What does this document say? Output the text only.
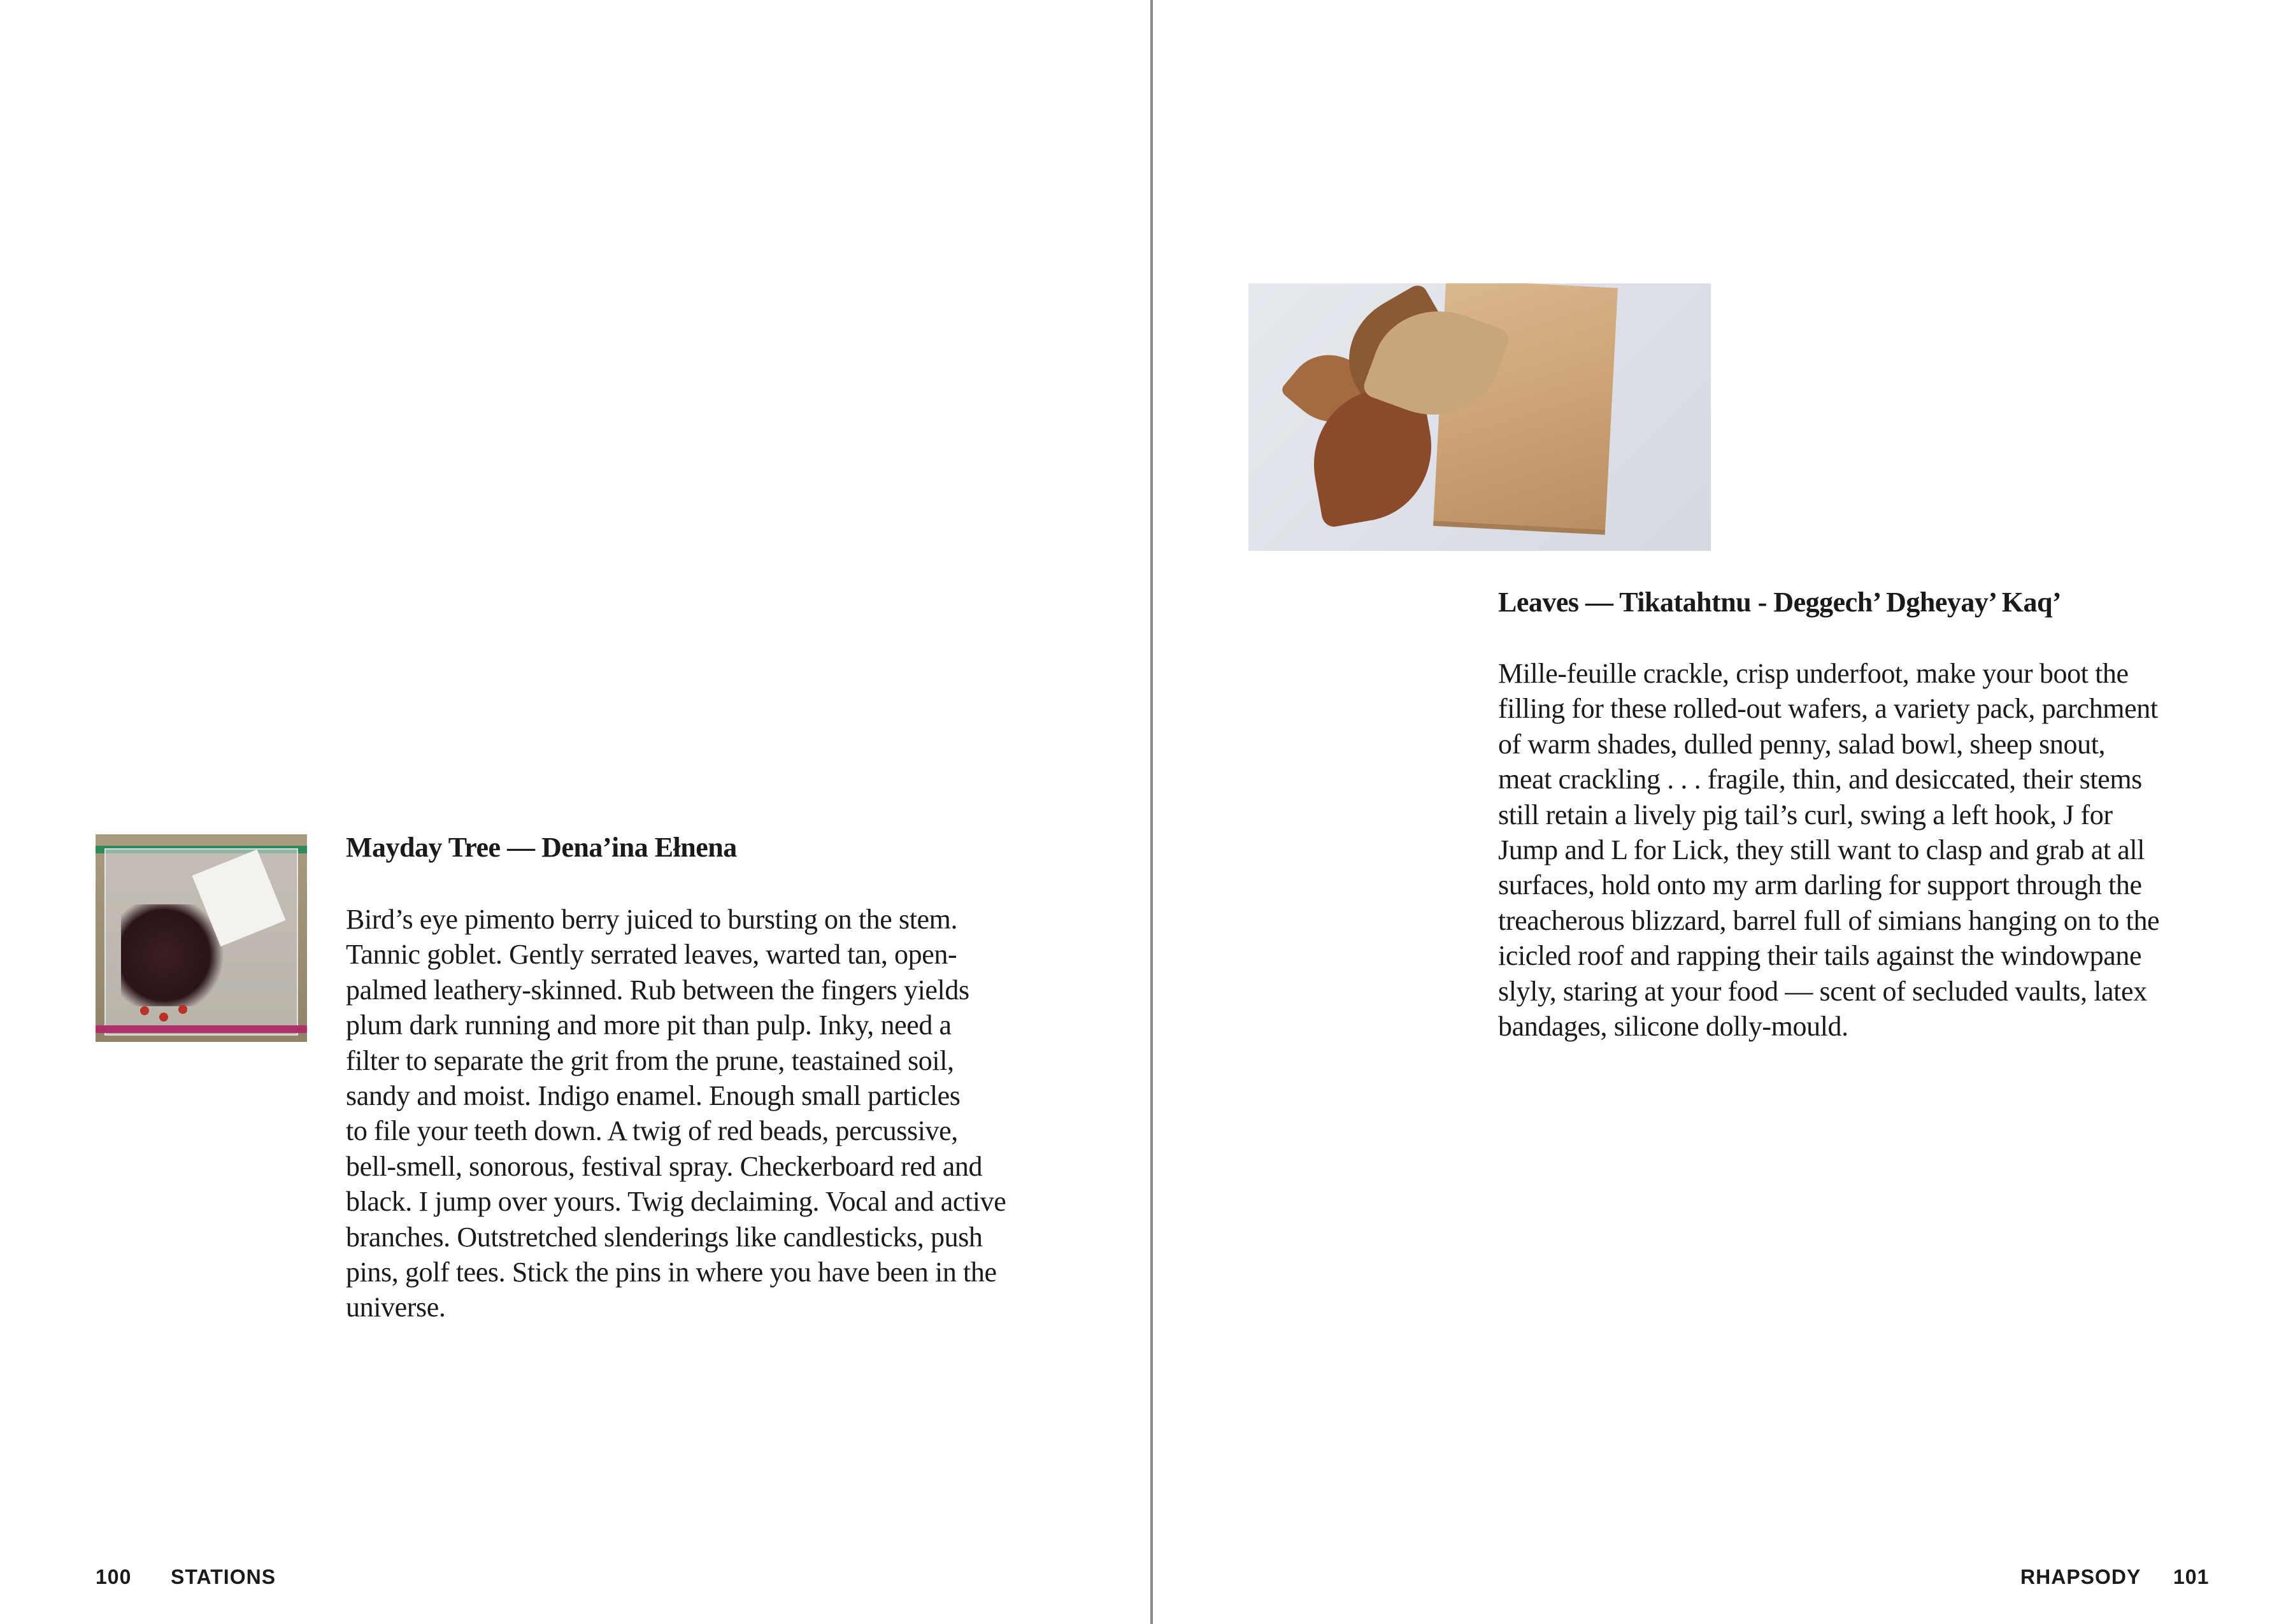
Mayday Tree — Dena’ina Ełnena
Bird’s eye pimento berry juiced to bursting on the stem.
Tannic goblet. Gently serrated leaves, warted tan, open-
palmed leathery-skinned. Rub between the fingers yields
plum dark running and more pit than pulp. Inky, need a
filter to separate the grit from the prune, teastained soil,
sandy and moist. Indigo enamel. Enough small particles
to file your teeth down. A twig of red beads, percussive,
bell-smell, sonorous, festival spray. Checkerboard red and
black. I jump over yours. Twig declaiming. Vocal and active
branches. Outstretched slenderings like candlesticks, push
pins, golf tees. Stick the pins in where you have been in the
universe.
100 STATIONS
Leaves — Tikatahtnu - Deggech’ Dgheyay’ Kaq’
Mille-feuille crackle, crisp underfoot, make your boot the
filling for these rolled-out wafers, a variety pack, parchment
of warm shades, dulled penny, salad bowl, sheep snout,
meat crackling . . . fragile, thin, and desiccated, their stems
still retain a lively pig tail’s curl, swing a left hook, J for
Jump and L for Lick, they still want to clasp and grab at all
surfaces, hold onto my arm darling for support through the
treacherous blizzard, barrel full of simians hanging on to the
icicled roof and rapping their tails against the windowpane
slyly, staring at your food — scent of secluded vaults, latex
bandages, silicone dolly-mould.
RHAPSODY 101
